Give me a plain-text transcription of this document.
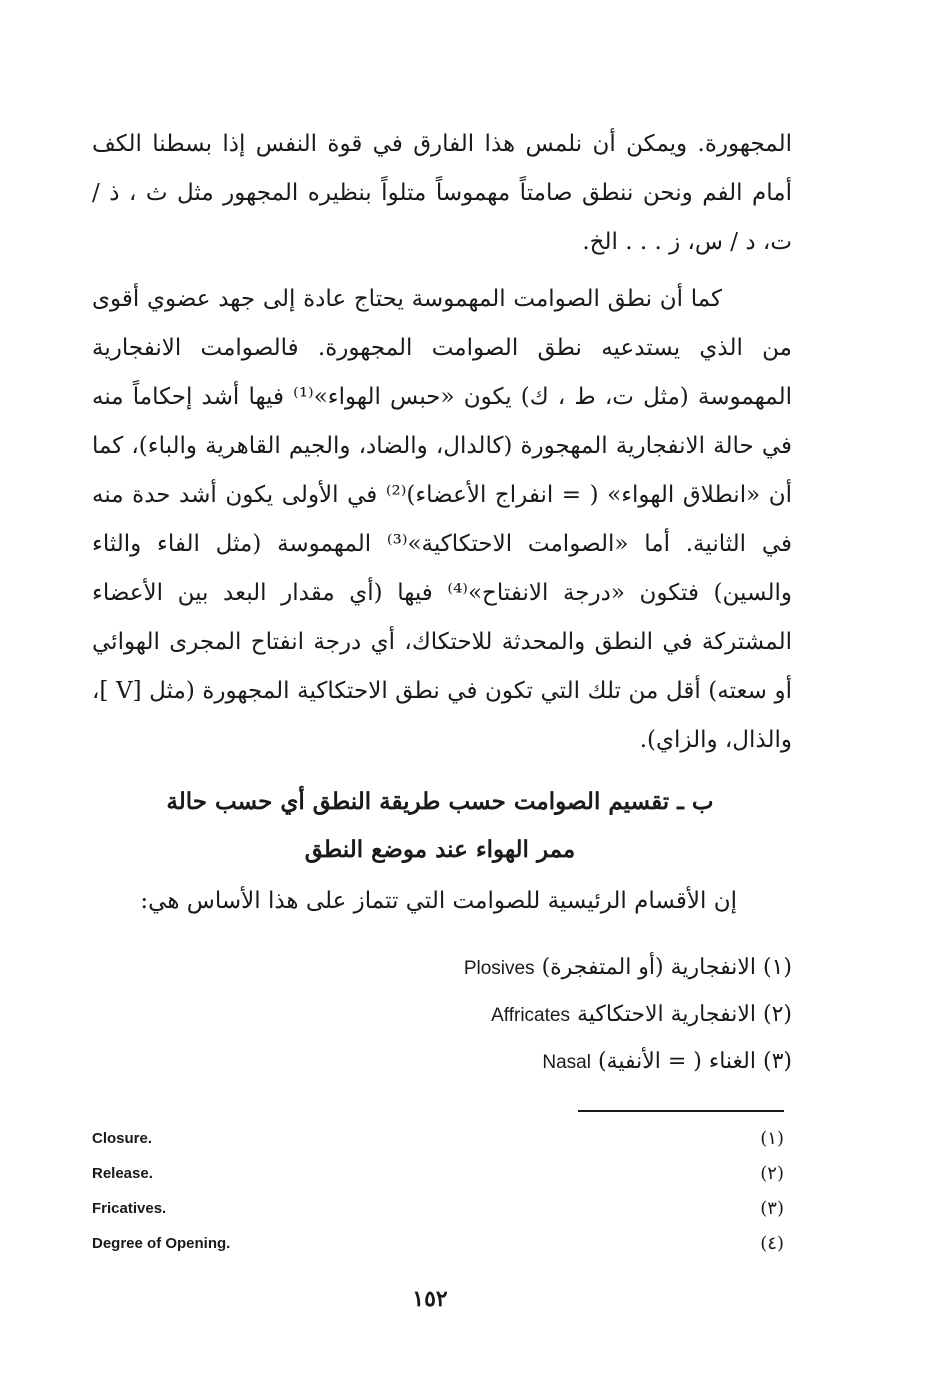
المجهورة. ويمكن أن نلمس هذا الفارق في قوة النفس إذا بسطنا الكف أمام الفم ونحن ننطق صامتاً مهموساً متلواً بنظيره المجهور مثل ث ، ذ / ت، د / س، ز . . . الخ.

كما أن نطق الصوامت المهموسة يحتاج عادة إلى جهد عضوي أقوى من الذي يستدعيه نطق الصوامت المجهورة. فالصوامت الانفجارية المهموسة (مثل ت، ط ، ك) يكون «حبس الهواء»⁽¹⁾ فيها أشد إحكاماً منه في حالة الانفجارية المهجورة (كالدال، والضاد، والجيم القاهرية والباء)، كما أن «انطلاق الهواء» ( = انفراج الأعضاء)⁽²⁾ في الأولى يكون أشد حدة منه في الثانية. أما «الصوامت الاحتكاكية»⁽³⁾ المهموسة (مثل الفاء والثاء والسين) فتكون «درجة الانفتاح»⁽⁴⁾ فيها (أي مقدار البعد بين الأعضاء المشتركة في النطق والمحدثة للاحتكاك، أي درجة انفتاح المجرى الهوائي أو سعته) أقل من تلك التي تكون في نطق الاحتكاكية المجهورة (مثل [V ]، والذال، والزاي).

ب ـ تقسيم الصوامت حسب طريقة النطق أي حسب حالة
ممر الهواء عند موضع النطق
إن الأقسام الرئيسية للصوامت التي تتماز على هذا الأساس هي:
(١) الانفجارية (أو المتفجرة) Plosives
(٢) الانفجارية الاحتكاكية Affricates
(٣) الغناء ( = الأنفية) Nasal
Closure.	(١)
Release.	(٢)
Fricatives.	(٣)
Degree of Opening.	(٤)
١٥٢
